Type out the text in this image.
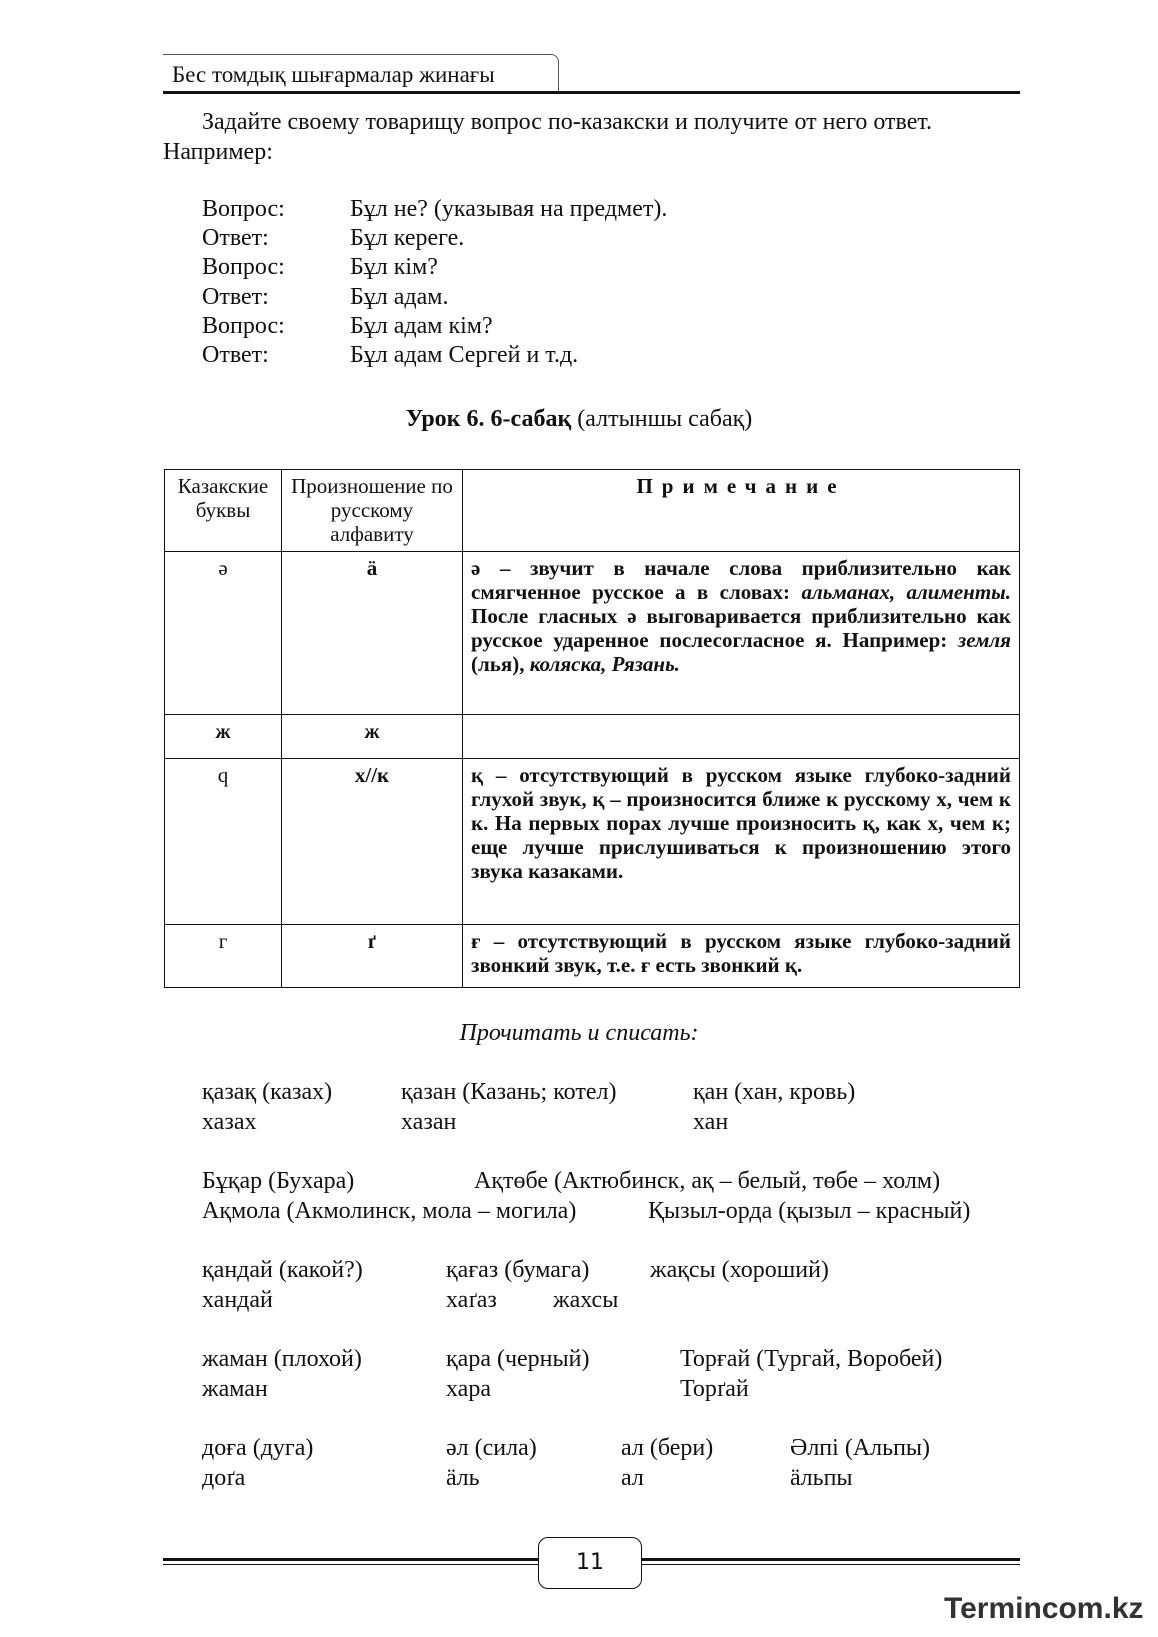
Бес томдық шығармалар жинағы
Задайте своему товарищу вопрос по-казакски и получите от него ответ.
Например:
Вопрос:	Бұл не? (указывая на предмет).
Ответ:	Бұл кереге.
Вопрос:	Бұл кім?
Ответ:	Бұл адам.
Вопрос:	Бұл адам кім?
Ответ:	Бұл адам Сергей и т.д.
Урок 6. 6-сабақ (алтыншы сабақ)
Казакские буквы	Произношение по русскому алфавиту	Примечание
ә	ä	ә – звучит в начале слова приблизительно как смягченное русское а в словах: альманах, алименты. После гласных ә выговаривается приблизительно как русское ударенное послесогласное я. Например: земля (лья), коляска, Рязань.
ж	ж	
q	х//к	қ – отсутствующий в русском языке глубоко-задний глухой звук, қ – произносится ближе к русскому х, чем к к. На первых порах лучше произносить қ, как х, чем к; еще лучше прислушиваться к произношению этого звука казаками.
г	ґ	ғ – отсутствующий в русском языке глубоко-задний звонкий звук, т.е. ғ есть звонкий қ.
Прочитать и списать:
қазақ (казах)	қазан (Казань; котел)	қан (хан, кровь)
хазах	хазан	хан
Бұқар (Бухара)	Ақтөбе (Актюбинск, ақ – белый, төбе – холм)
Ақмола (Акмолинск, мола – могила)	Қызыл-орда (қызыл – красный)
қандай (какой?)	қағаз (бумага)	жақсы (хороший)
хандай	хаґаз жахсы
жаман (плохой)	қара (черный)	Торғай (Тургай, Воробей)
жаман	хара	Торґай
доға (дуга)	әл (сила)	ал (бери)	Әлпі (Альпы)
доґа	äль	ал	äльпы
11
Termincom.kz
